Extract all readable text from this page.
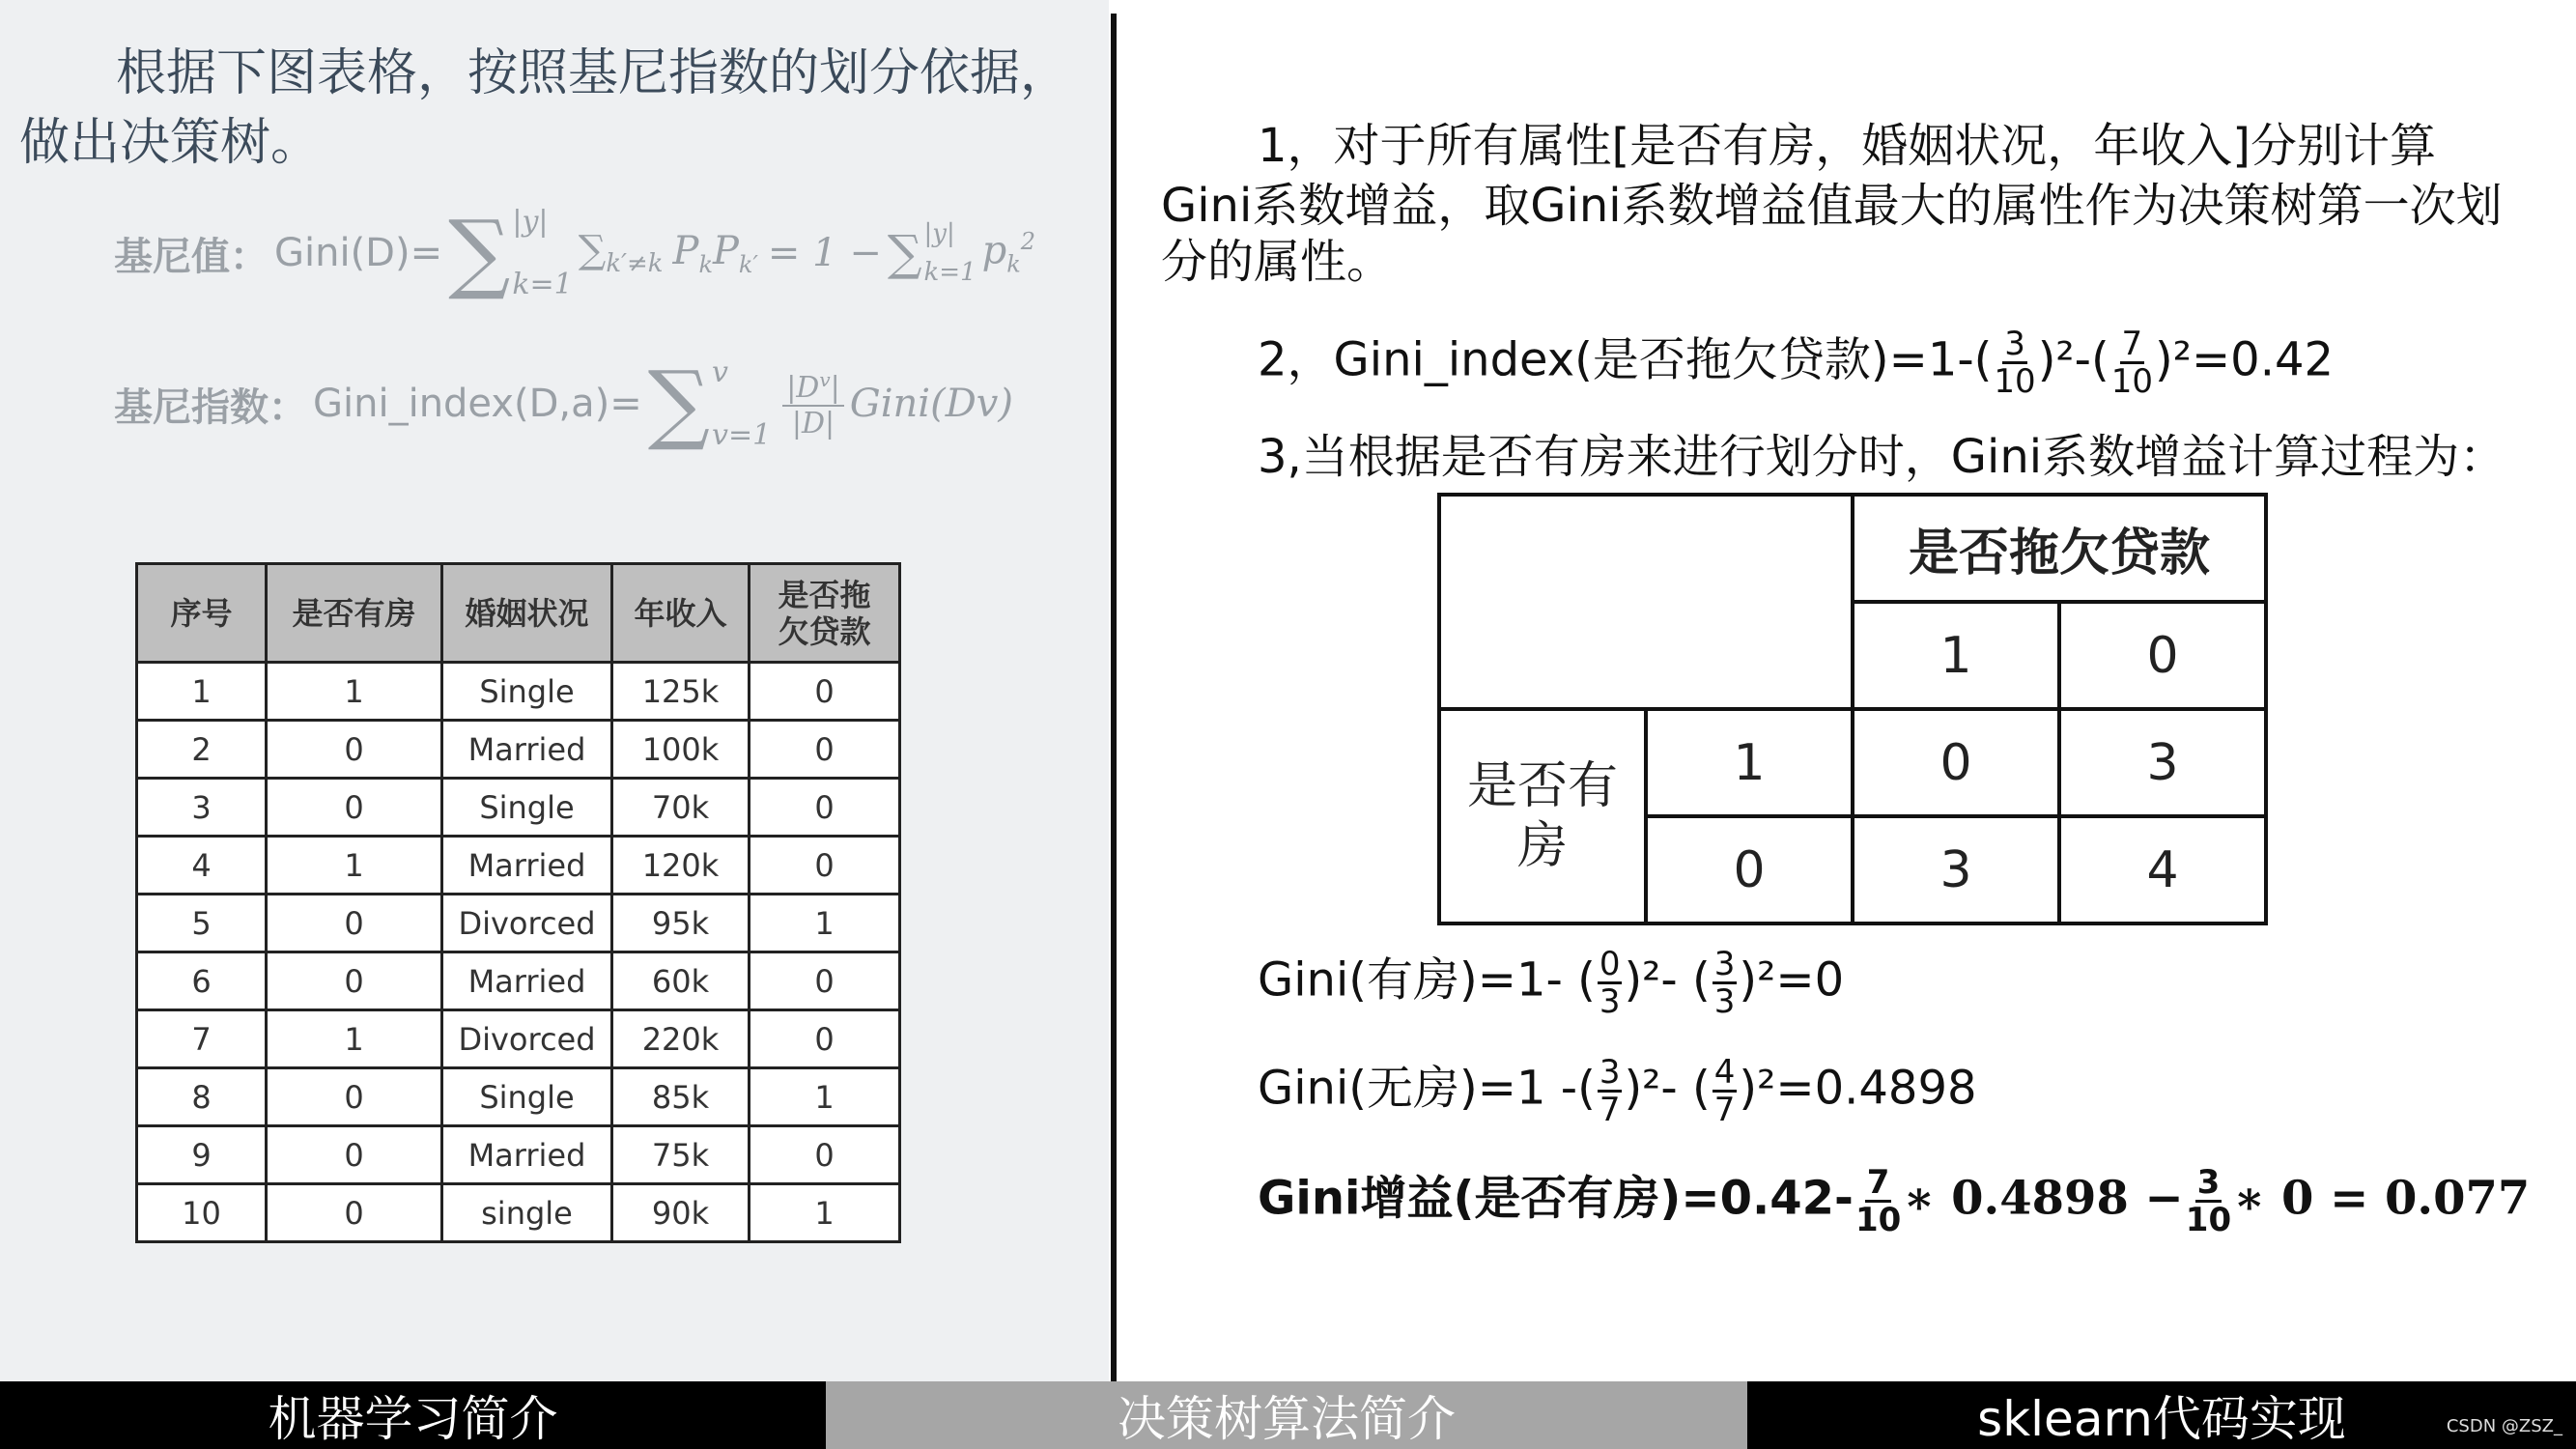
根据下图表格，按照基尼指数的划分依据，
做出决策树。
基尼值： Gini(D)= ∑ |y|
k=1
$\sum_{k'\ne k}$ $P_kP_{k'} = 1$ − ∑ |y|
k=1 $p_k^2$
基尼指数： Gini_index(D,a)= ∑ v
$v=1 \frac{|D^v|}{|D|}$ Gini(Dv)
序号	是否有房	婚姻状况	年收入	是否拖
欠贷款
1	1	Single	125k	0
2	0	Married	100k	0
3	0	Single	70k	0
4	1	Married	120k	0
5	0	Divorced	95k	1
6	0	Married	60k	0
7	1	Divorced	220k	0
8	0	Single	85k	1
9	0	Married	75k	0
10	0	single	90k	1
1，对于所有属性[是否有房，婚姻状况，年收入]分别计算
Gini系数增益，取Gini系数增益值最大的属性作为决策树第一次划
分的属性。
2，Gini_index(是否拖欠贷款)$=1-( \frac{3}{10} )^2-( \frac{7}{10} )^2=0.42$
3,当根据是否有房来进行划分时，Gini系数增益计算过程为：
		是否拖欠贷款	
		1	0
是否有房	1	0	3
	0	3	4
Gini(有房)=1- ( $\frac{0}{3} )^2-$ ( $\frac{3}{3} )^2=0$
Gini(无房)=1 -( $\frac{3}{7} )^2-$ ( $\frac{4}{7} )^2=0.4898$
Gini增益(是否有房)$=0.42- \frac{7}{10}$ ∗ $0.4898 - \frac{3}{10}$ ∗ 0 = 0.077
机器学习简介	决策树算法简介	sklearn代码实现	CSDN @ZSZ_
